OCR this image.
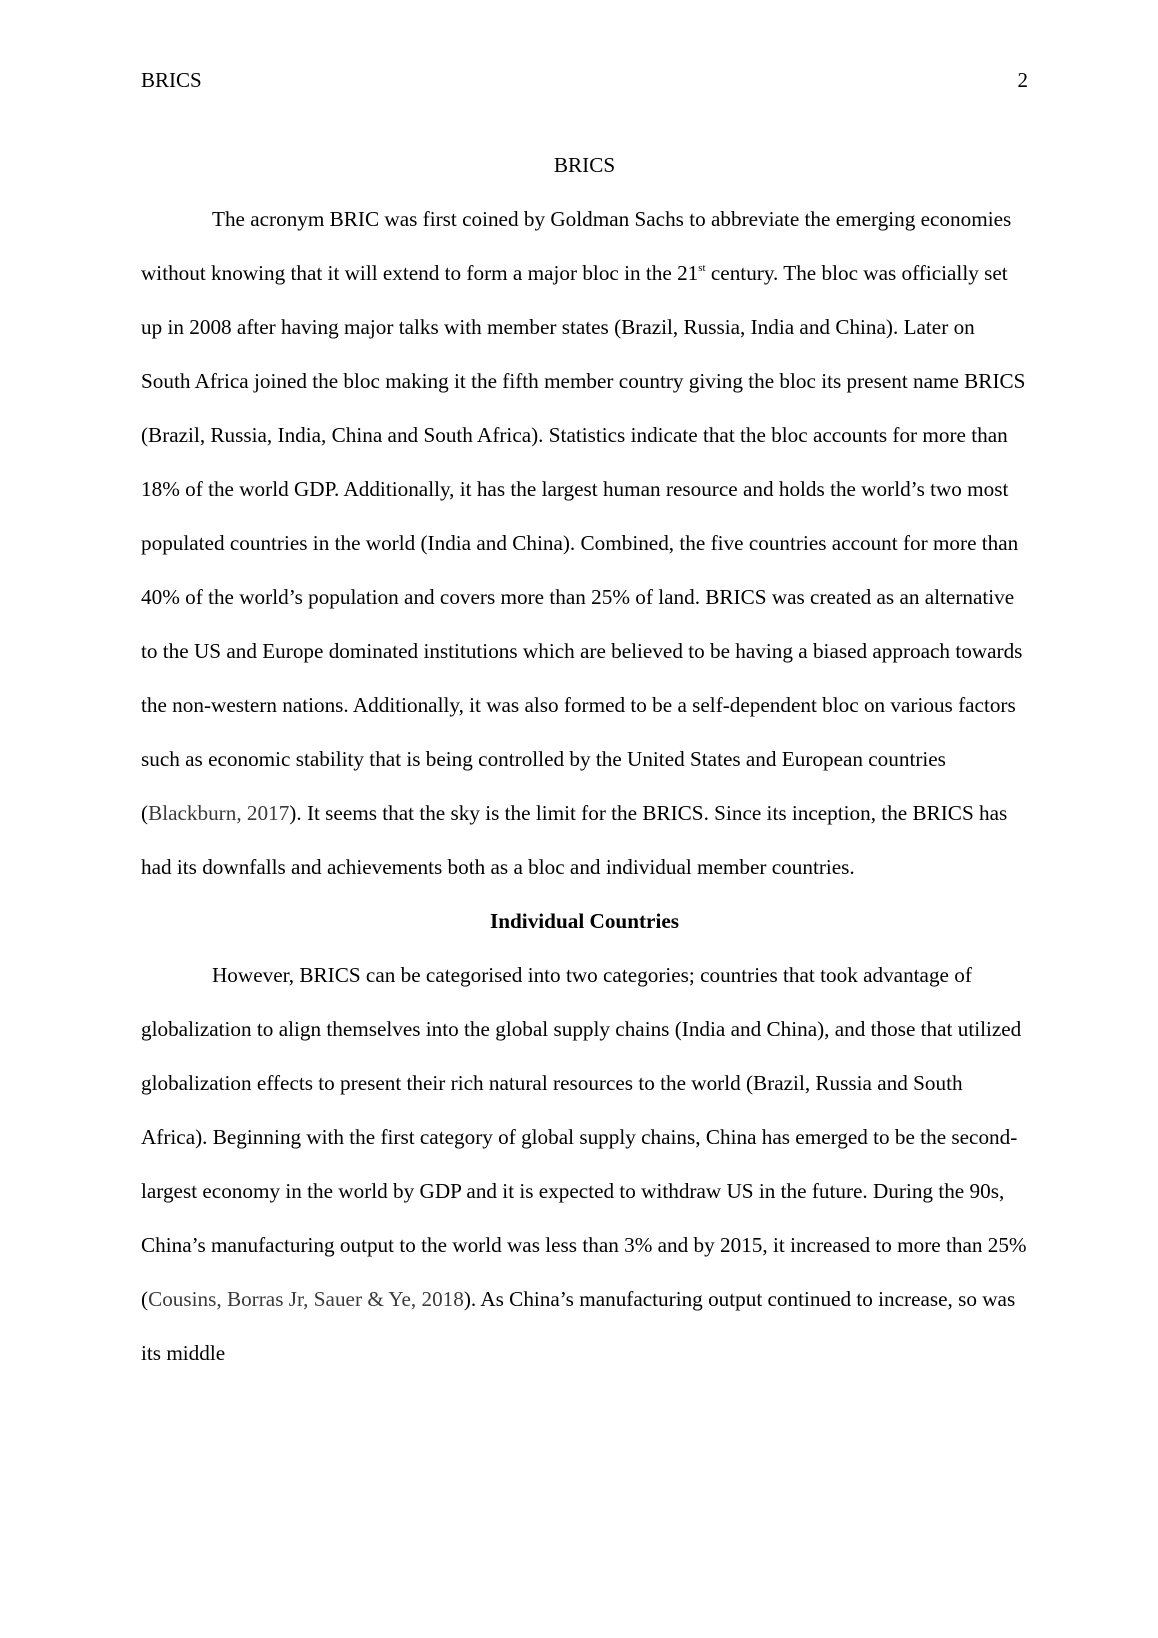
BRICS	2
BRICS

The acronym BRIC was first coined by Goldman Sachs to abbreviate the emerging economies without knowing that it will extend to form a major bloc in the 21st century. The bloc was officially set up in 2008 after having major talks with member states (Brazil, Russia, India and China). Later on South Africa joined the bloc making it the fifth member country giving the bloc its present name BRICS (Brazil, Russia, India, China and South Africa). Statistics indicate that the bloc accounts for more than 18% of the world GDP. Additionally, it has the largest human resource and holds the world’s two most populated countries in the world (India and China). Combined, the five countries account for more than 40% of the world’s population and covers more than 25% of land. BRICS was created as an alternative to the US and Europe dominated institutions which are believed to be having a biased approach towards the non-western nations. Additionally, it was also formed to be a self-dependent bloc on various factors such as economic stability that is being controlled by the United States and European countries (Blackburn, 2017). It seems that the sky is the limit for the BRICS. Since its inception, the BRICS has had its downfalls and achievements both as a bloc and individual member countries.

Individual Countries

However, BRICS can be categorised into two categories; countries that took advantage of globalization to align themselves into the global supply chains (India and China), and those that utilized globalization effects to present their rich natural resources to the world (Brazil, Russia and South Africa). Beginning with the first category of global supply chains, China has emerged to be the second-largest economy in the world by GDP and it is expected to withdraw US in the future. During the 90s, China’s manufacturing output to the world was less than 3% and by 2015, it increased to more than 25% (Cousins, Borras Jr, Sauer & Ye, 2018). As China’s manufacturing output continued to increase, so was its middle
